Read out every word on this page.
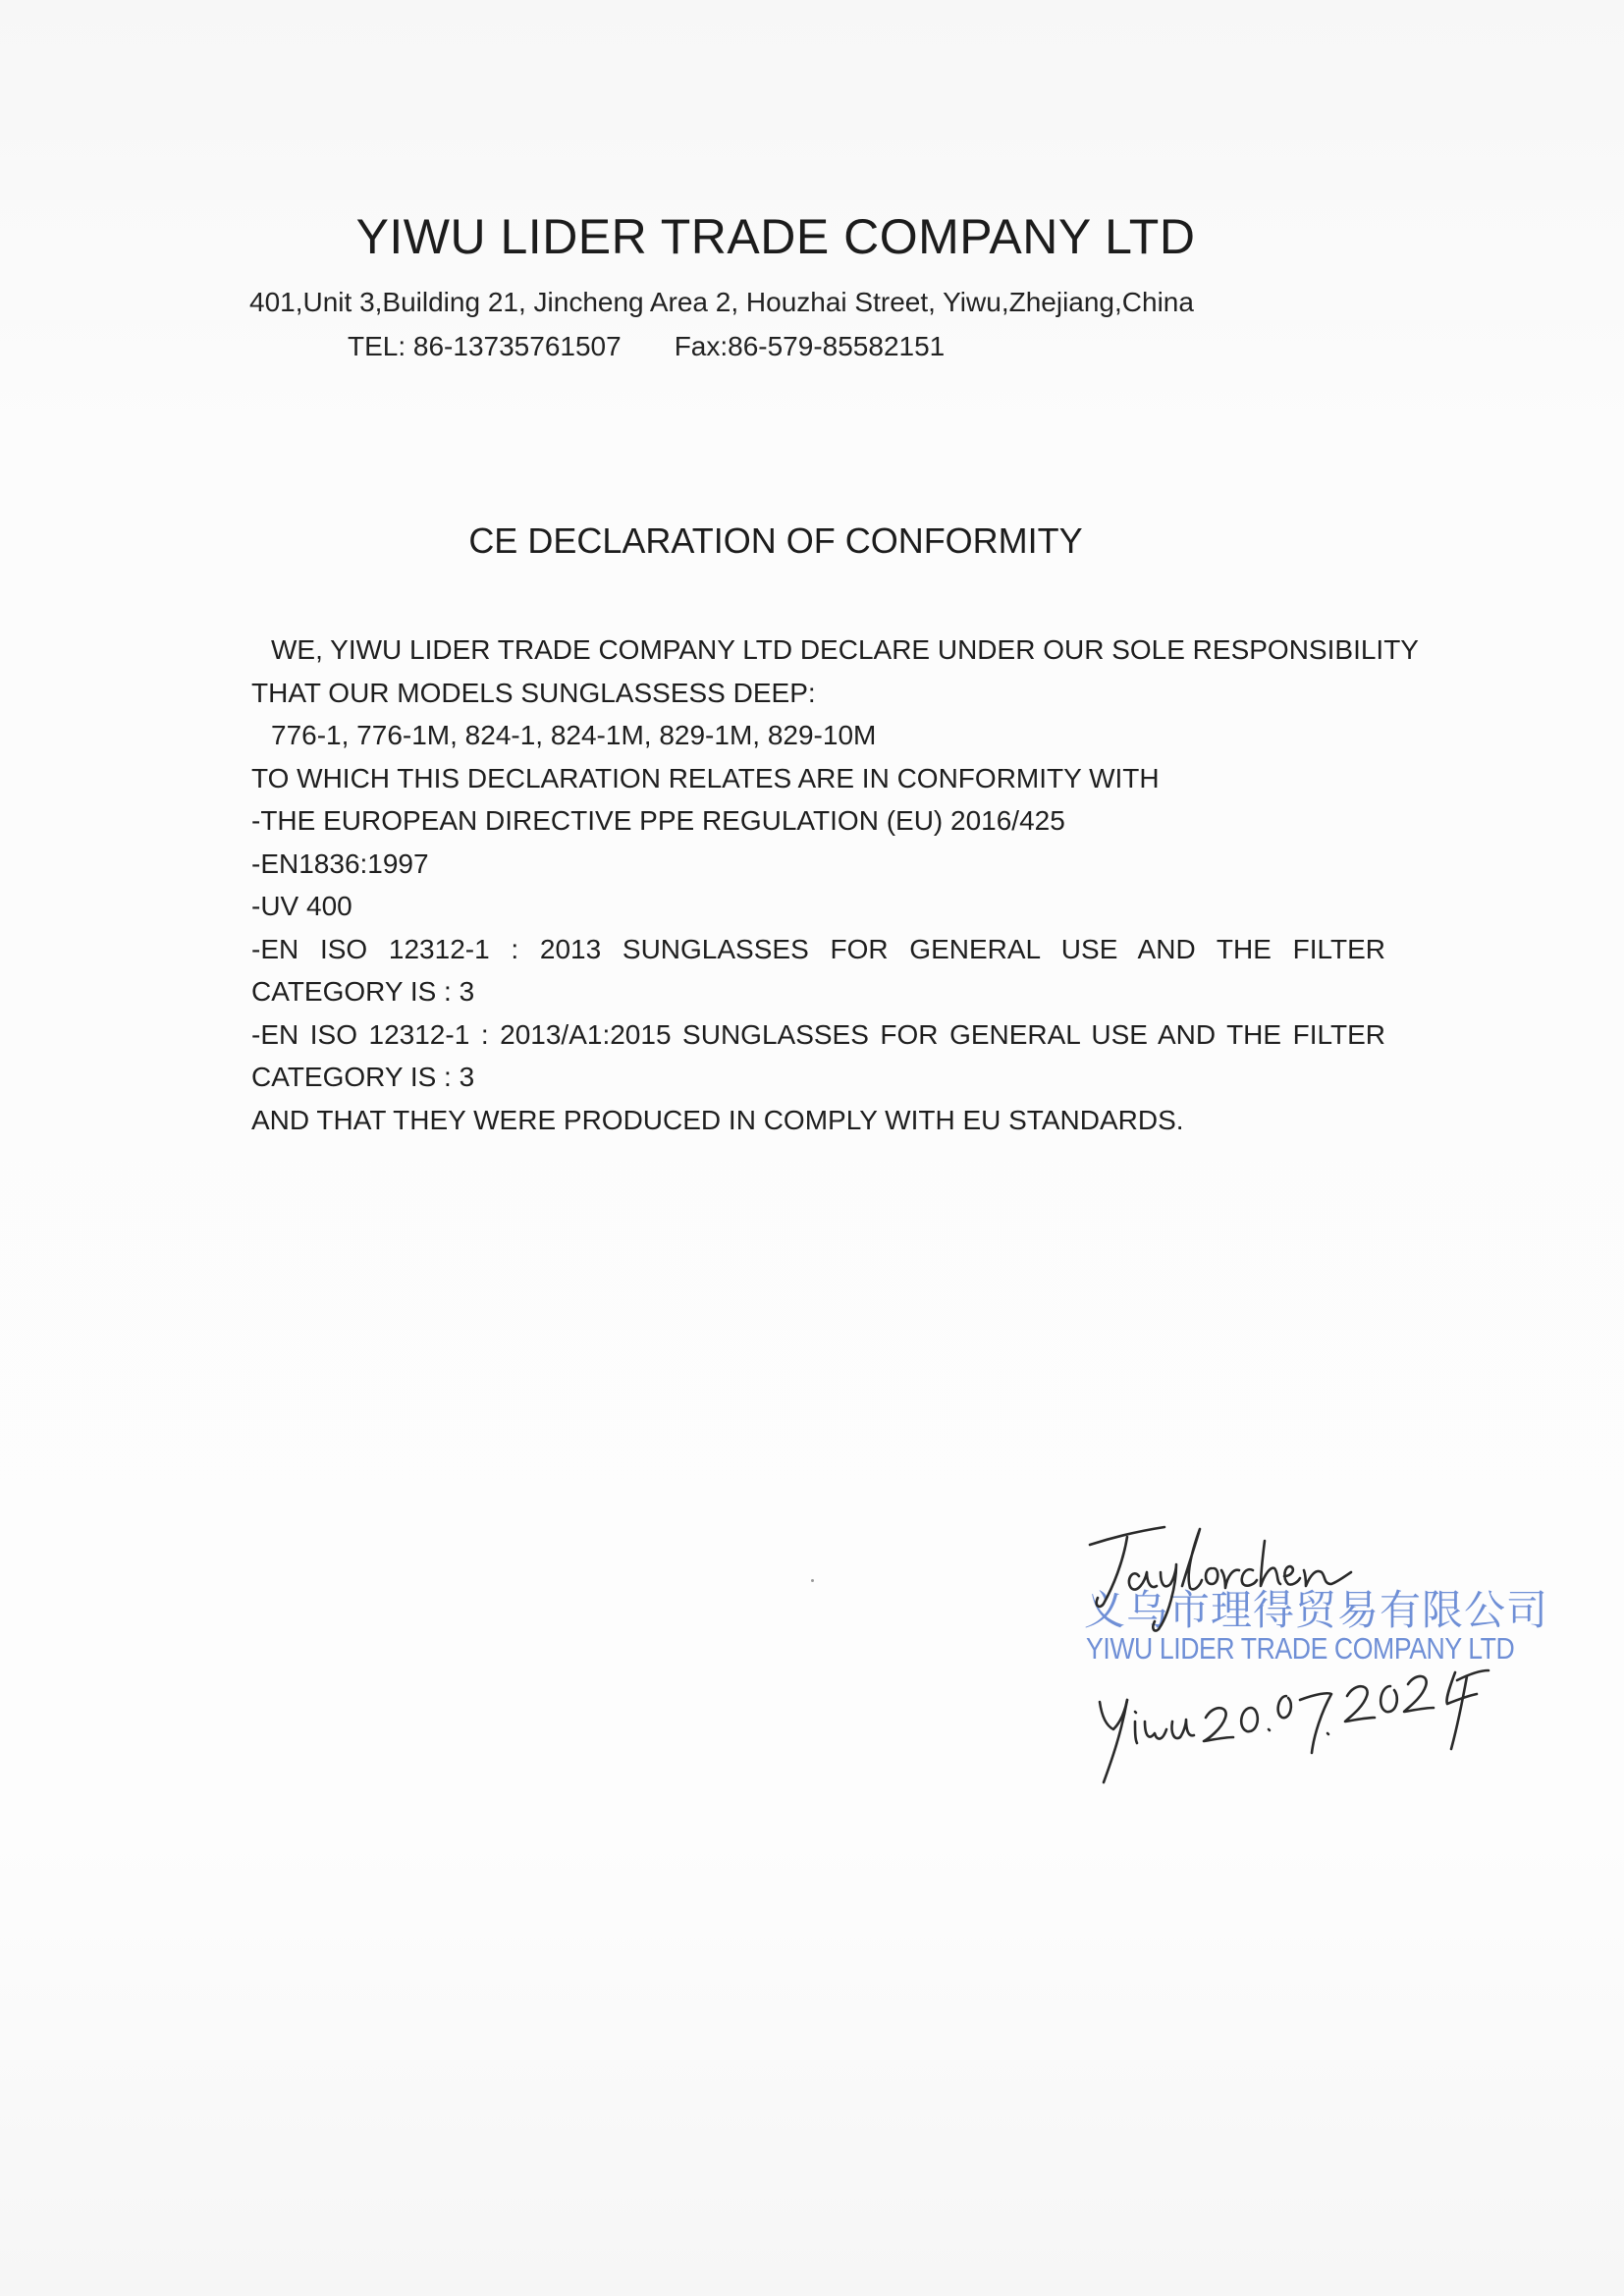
YIWU LIDER TRADE COMPANY LTD
401,Unit 3,Building 21, Jincheng Area 2, Houzhai Street, Yiwu,Zhejiang,China
TEL: 86-13735761507 Fax:86-579-85582151
CE DECLARATION OF CONFORMITY
WE, YIWU LIDER TRADE COMPANY LTD DECLARE UNDER OUR SOLE RESPONSIBILITY
THAT OUR MODELS SUNGLASSESS DEEP:
776-1, 776-1M, 824-1, 824-1M, 829-1M, 829-10M
TO WHICH THIS DECLARATION RELATES ARE IN CONFORMITY WITH
-THE EUROPEAN DIRECTIVE PPE REGULATION (EU) 2016/425
-EN1836:1997
-UV 400
-EN ISO 12312-1 : 2013 SUNGLASSES FOR GENERAL USE AND THE FILTER CATEGORY IS : 3
-EN ISO 12312-1 : 2013/A1:2015 SUNGLASSES FOR GENERAL USE AND THE FILTER CATEGORY IS : 3
AND THAT THEY WERE PRODUCED IN COMPLY WITH EU STANDARDS.
义乌市理得贸易有限公司
YIWU LIDER TRADE COMPANY LTD
